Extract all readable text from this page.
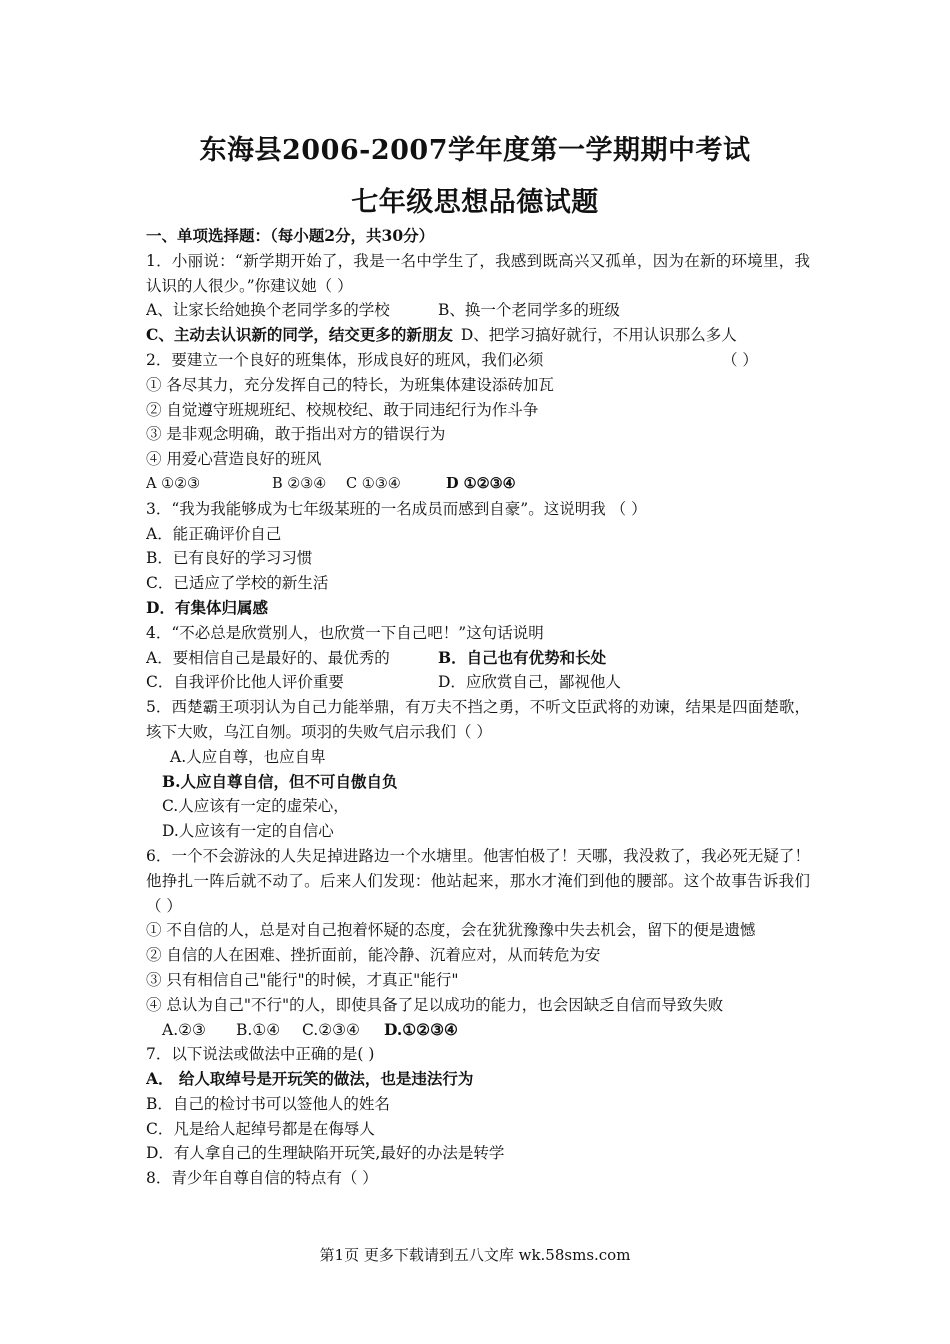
东海县2006-2007学年度第一学期期中考试
七年级思想品德试题
一、单项选择题：（每小题2分，共30分）
1．小丽说：“新学期开始了，我是一名中学生了，我感到既高兴又孤单，因为在新的环境里，我认识的人很少。”你建议她（ ）
A、让家长给她换个老同学多的学校	B、换一个老同学多的班级
C、主动去认识新的同学，结交更多的新朋友 D、把学习搞好就行，不用认识那么多人
2．要建立一个良好的班集体，形成良好的班风，我们必须	（ ）
① 各尽其力，充分发挥自己的特长，为班集体建设添砖加瓦
② 自觉遵守班规班纪、校规校纪、敢于同违纪行为作斗争
③ 是非观念明确，敢于指出对方的错误行为
④ 用爱心营造良好的班风
A ①②③	B ②③④	C ①③④	D ①②③④
3．“我为我能够成为七年级某班的一名成员而感到自豪”。这说明我 （ ）
A．能正确评价自己
B．已有良好的学习习惯
C．已适应了学校的新生活
D．有集体归属感
4．“不必总是欣赏别人，也欣赏一下自己吧！”这句话说明
A．要相信自己是最好的、最优秀的	B．自己也有优势和长处
C．自我评价比他人评价重要	D．应欣赏自己，鄙视他人
5．西楚霸王项羽认为自己力能举鼎，有万夫不挡之勇，不听文臣武将的劝谏，结果是四面楚歌，垓下大败，乌江自刎。项羽的失败气启示我们（ ）
A.人应自尊，也应自卑
B.人应自尊自信，但不可自傲自负
C.人应该有一定的虚荣心，
D.人应该有一定的自信心
6．一个不会游泳的人失足掉进路边一个水塘里。他害怕极了！天哪，我没救了，我必死无疑了！他挣扎一阵后就不动了。后来人们发现：他站起来，那水才淹们到他的腰部。这个故事告诉我们（ ）
① 不自信的人，总是对自己抱着怀疑的态度，会在犹犹豫豫中失去机会，留下的便是遗憾
② 自信的人在困难、挫折面前，能冷静、沉着应对，从而转危为安
③ 只有相信自己"能行"的时候，才真正"能行"
④ 总认为自己"不行"的人，即使具备了足以成功的能力，也会因缺乏自信而导致失败
A.②③	B.①④	C.②③④	D.①②③④
7．以下说法或做法中正确的是( )
A． 给人取绰号是开玩笑的做法，也是违法行为
B．自己的检讨书可以签他人的姓名
C．凡是给人起绰号都是在侮辱人
D．有人拿自己的生理缺陷开玩笑,最好的办法是转学
8．青少年自尊自信的特点有（ ）
第1页 更多下载请到五八文库 wk.58sms.com
